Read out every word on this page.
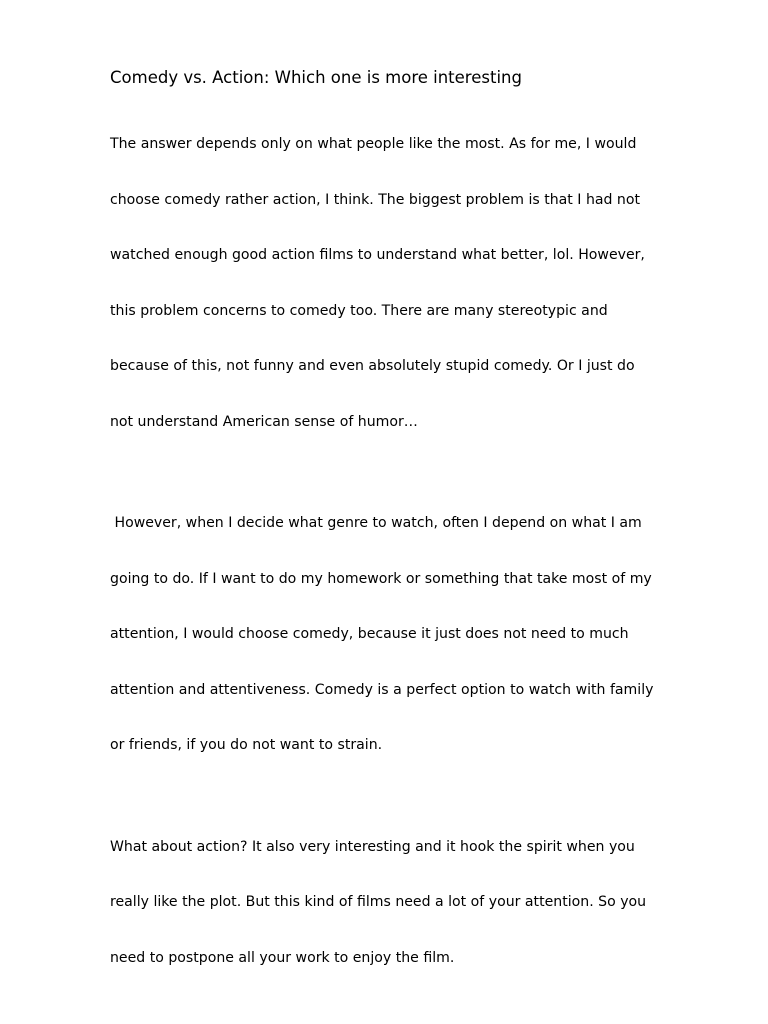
Comedy vs. Action: Which one is more interesting

The answer depends only on what people like the most. As for me, I would

choose comedy rather action, I think. The biggest problem is that I had not

watched enough good action films to understand what better, lol. However,

this problem concerns to comedy too. There are many stereotypic and

because of this, not funny and even absolutely stupid comedy. Or I just do

not understand American sense of humor…

However, when I decide what genre to watch, often I depend on what I am

going to do. If I want to do my homework or something that take most of my

attention, I would choose comedy, because it just does not need to much

attention and attentiveness. Comedy is a perfect option to watch with family

or friends, if you do not want to strain.

What about action? It also very interesting and it hook the spirit when you

really like the plot. But this kind of films need a lot of your attention. So you

need to postpone all your work to enjoy the film.
